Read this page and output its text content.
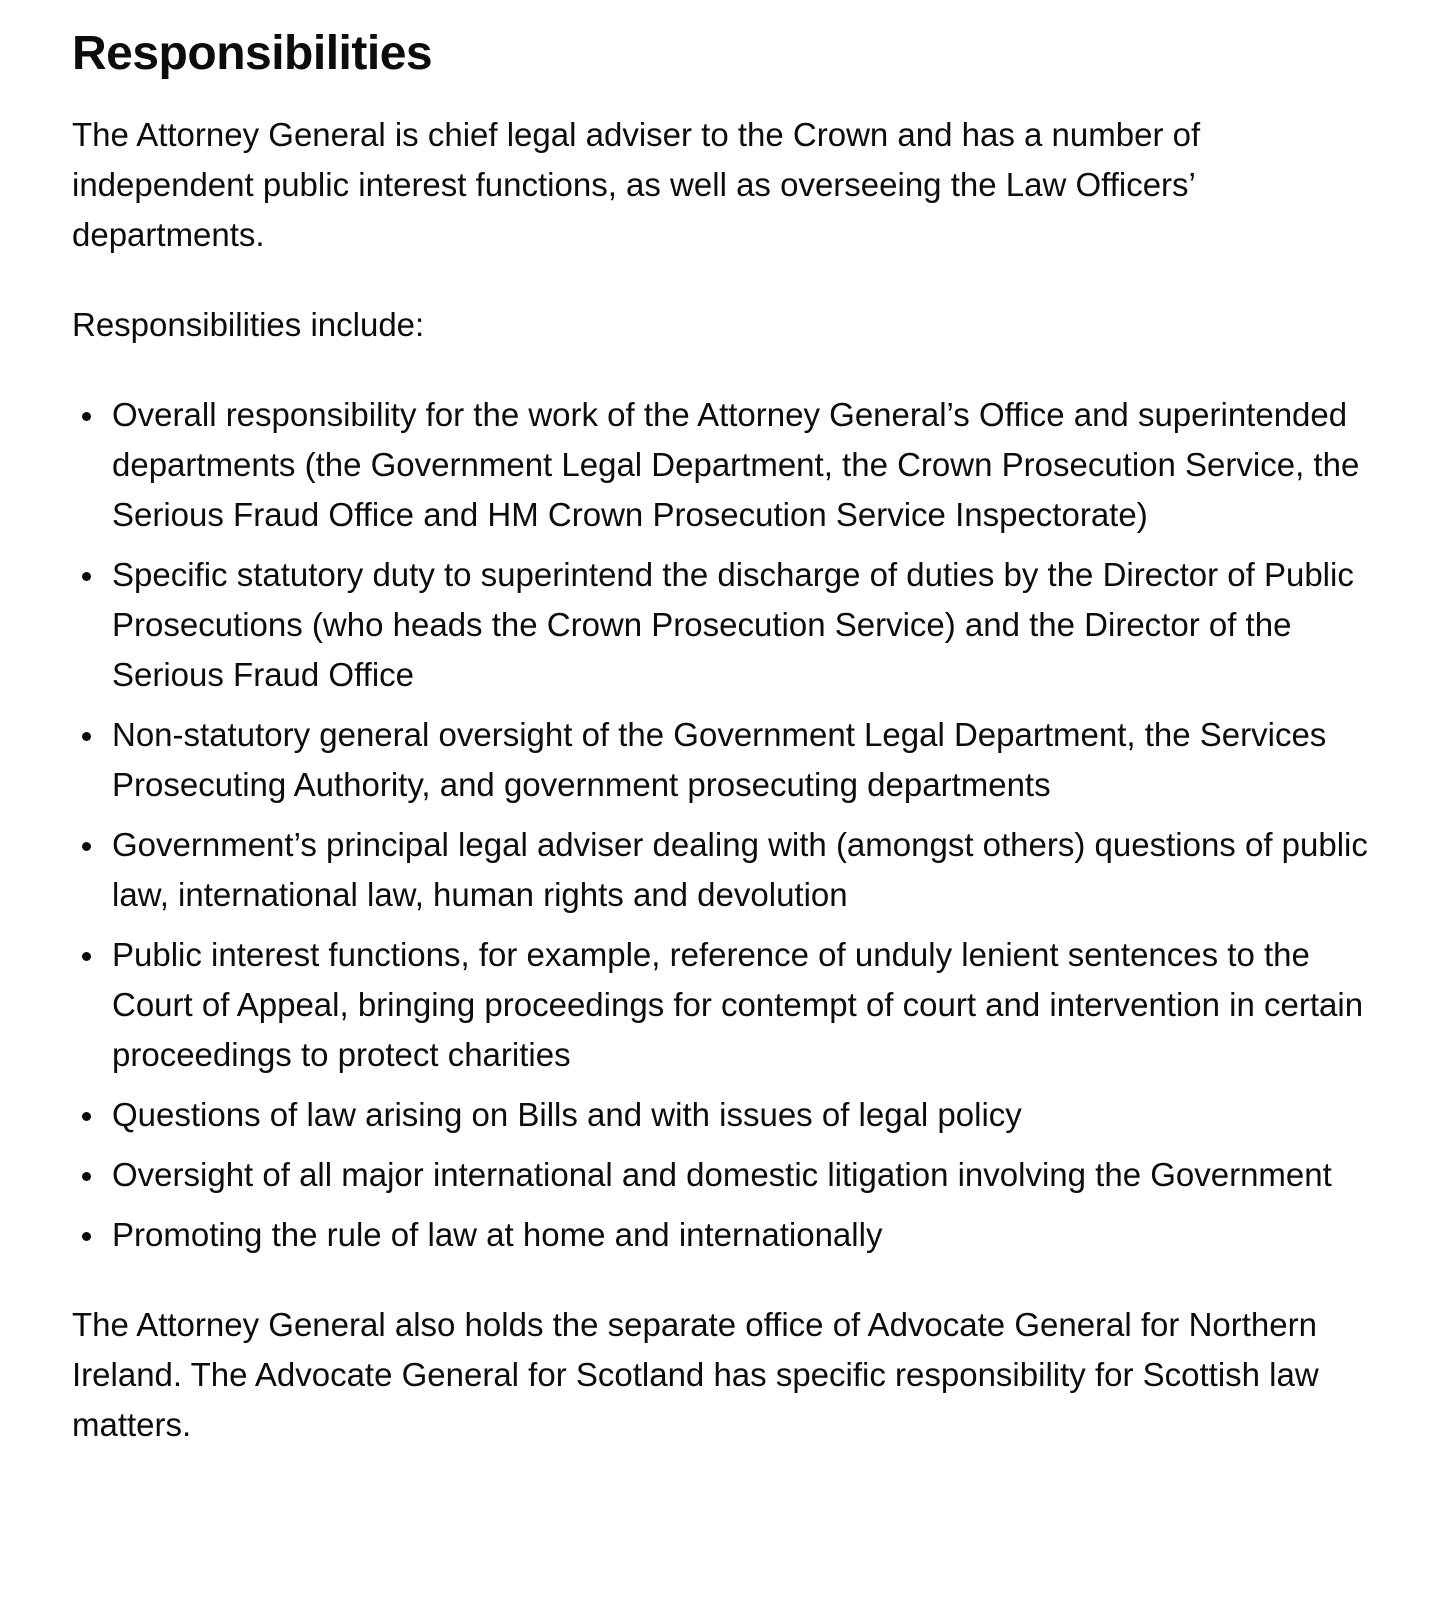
Responsibilities

The Attorney General is chief legal adviser to the Crown and has a number of independent public interest functions, as well as overseeing the Law Officers’ departments.

Responsibilities include:

Overall responsibility for the work of the Attorney General’s Office and superintended departments (the Government Legal Department, the Crown Prosecution Service, the Serious Fraud Office and HM Crown Prosecution Service Inspectorate)
Specific statutory duty to superintend the discharge of duties by the Director of Public Prosecutions (who heads the Crown Prosecution Service) and the Director of the Serious Fraud Office
Non-statutory general oversight of the Government Legal Department, the Services Prosecuting Authority, and government prosecuting departments
Government’s principal legal adviser dealing with (amongst others) questions of public law, international law, human rights and devolution
Public interest functions, for example, reference of unduly lenient sentences to the Court of Appeal, bringing proceedings for contempt of court and intervention in certain proceedings to protect charities
Questions of law arising on Bills and with issues of legal policy
Oversight of all major international and domestic litigation involving the Government
Promoting the rule of law at home and internationally

The Attorney General also holds the separate office of Advocate General for Northern Ireland. The Advocate General for Scotland has specific responsibility for Scottish law matters.
